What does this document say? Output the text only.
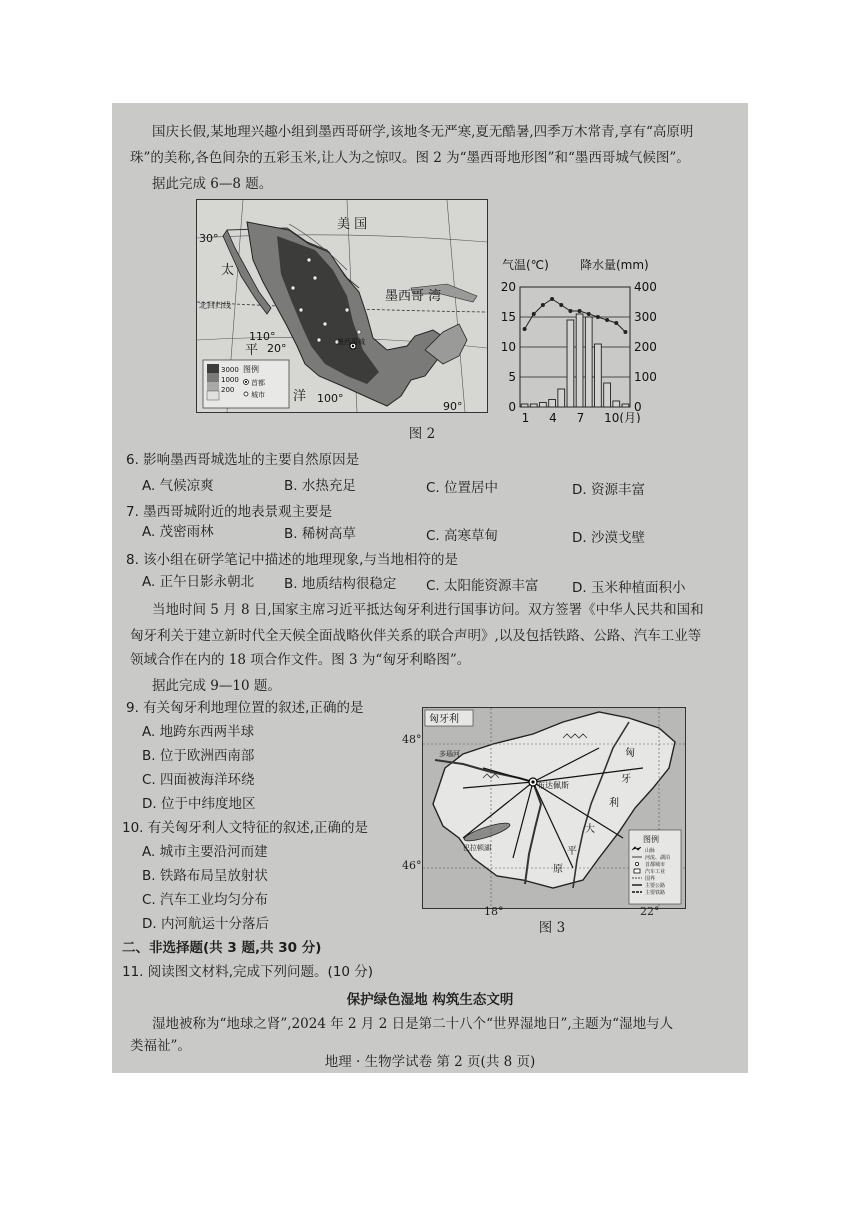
国庆长假,某地理兴趣小组到墨西哥研学,该地冬无严寒,夏无酷暑,四季万木常青,享有“高原明
珠”的美称,各色间杂的五彩玉米,让人为之惊叹。图 2 为“墨西哥地形图”和“墨西哥城气候图”。
据此完成 6—8 题。
美 国
墨西哥 湾
太
平
洋
30°
北回归线
110°
20°
100°
90°
墨西哥城
3000
1000
200
图例
首都
城市
气温(℃)	降水量(mm)
20
15
10
5
0
400
300
200
100
0
1 4 7 10(月)
图 2
6. 影响墨西哥城选址的主要自然原因是
A. 气候凉爽	B. 水热充足	C. 位置居中	D. 资源丰富
7. 墨西哥城附近的地表景观主要是
A. 茂密雨林	B. 稀树高草	C. 高寒草甸	D. 沙漠戈壁
8. 该小组在研学笔记中描述的地理现象,与当地相符的是
A. 正午日影永朝北 B. 地质结构很稳定 C. 太阳能资源丰富 D. 玉米种植面积小
当地时间 5 月 8 日,国家主席习近平抵达匈牙利进行国事访问。双方签署《中华人民共和国和
匈牙利关于建立新时代全天候全面战略伙伴关系的联合声明》,以及包括铁路、公路、汽车工业等
领域合作在内的 18 项合作文件。图 3 为“匈牙利略图”。
据此完成 9—10 题。
9. 有关匈牙利地理位置的叙述,正确的是
A. 地跨东西两半球
B. 位于欧洲西南部
C. 四面被海洋环绕
D. 位于中纬度地区
10. 有关匈牙利人文特征的叙述,正确的是
A. 城市主要沿河而建
B. 铁路布局呈放射状
C. 汽车工业均匀分布
D. 内河航运十分落后
匈牙利
布达佩斯
多瑙河	匈
牙
利
大
平
原
巴拉顿湖
图例
山脉
河流、湖泊
首都城市
汽车工业
国界
主要公路
主要铁路
48°
46°
18°	22°
图 3
二、非选择题(共 3 题,共 30 分)
11. 阅读图文材料,完成下列问题。(10 分)
保护绿色湿地 构筑生态文明
湿地被称为“地球之肾”,2024 年 2 月 2 日是第二十八个“世界湿地日”,主题为“湿地与人
类福祉”。
地理 · 生物学试卷 第 2 页(共 8 页)
